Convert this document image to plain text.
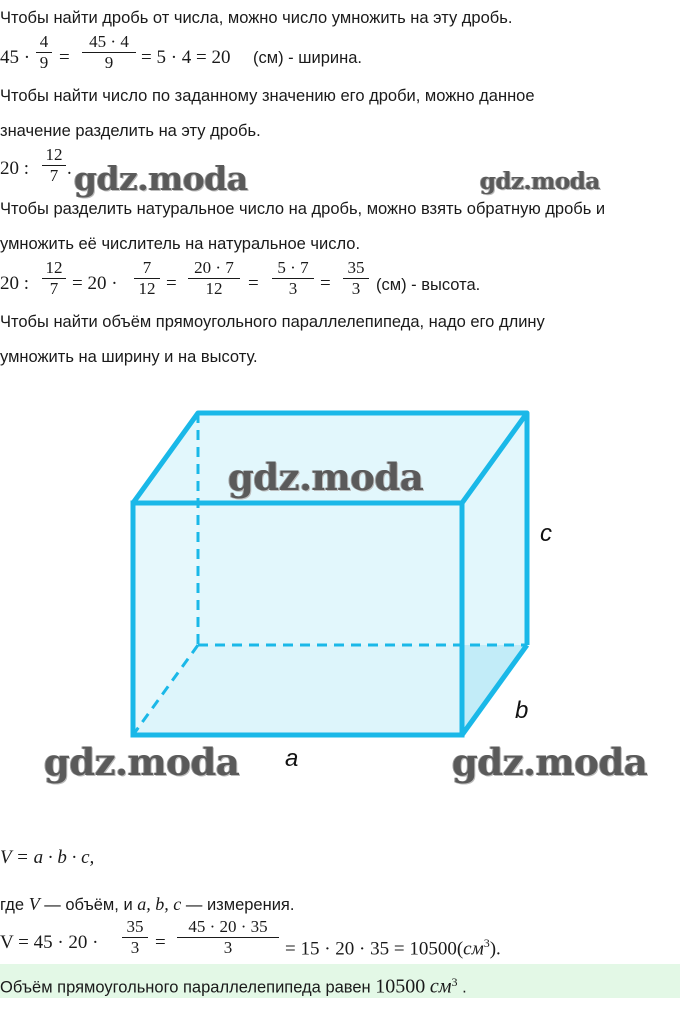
Чтобы найти дробь от числа, можно число умножить на эту дробь.
45 ·
4
9 =
45 · 4
9	= 5 · 4 = 20 (см) - ширина.
Чтобы найти число по заданному значению его дроби, можно данное
значение разделить на эту дробь.
20 :
12
7 . gdz.moda	gdz.moda
Чтобы разделить натуральное число на дробь, можно взять обратную дробь и
умножить её числитель на натуральное число.
20 :
12
7 = 20 ·
7
12 =
20 · 7
12	=
5 · 7
3	=
35
3 (см) - высота.
Чтобы найти объём прямоугольного параллелепипеда, надо его длину
умножить на ширину и на высоту.
gdz.moda
gdz.moda	gdz.moda
c
b
a
V = a · b · c,
где V — объём, и a, b, c — измерения.
V = 45 · 20 ·
35
3 =
45 · 20 · 35
3	= $15 \cdot 20 \cdot 35 = 10500(см^3)$.
Объём прямоугольного параллелепипеда равен 10500 $см^3$ .
